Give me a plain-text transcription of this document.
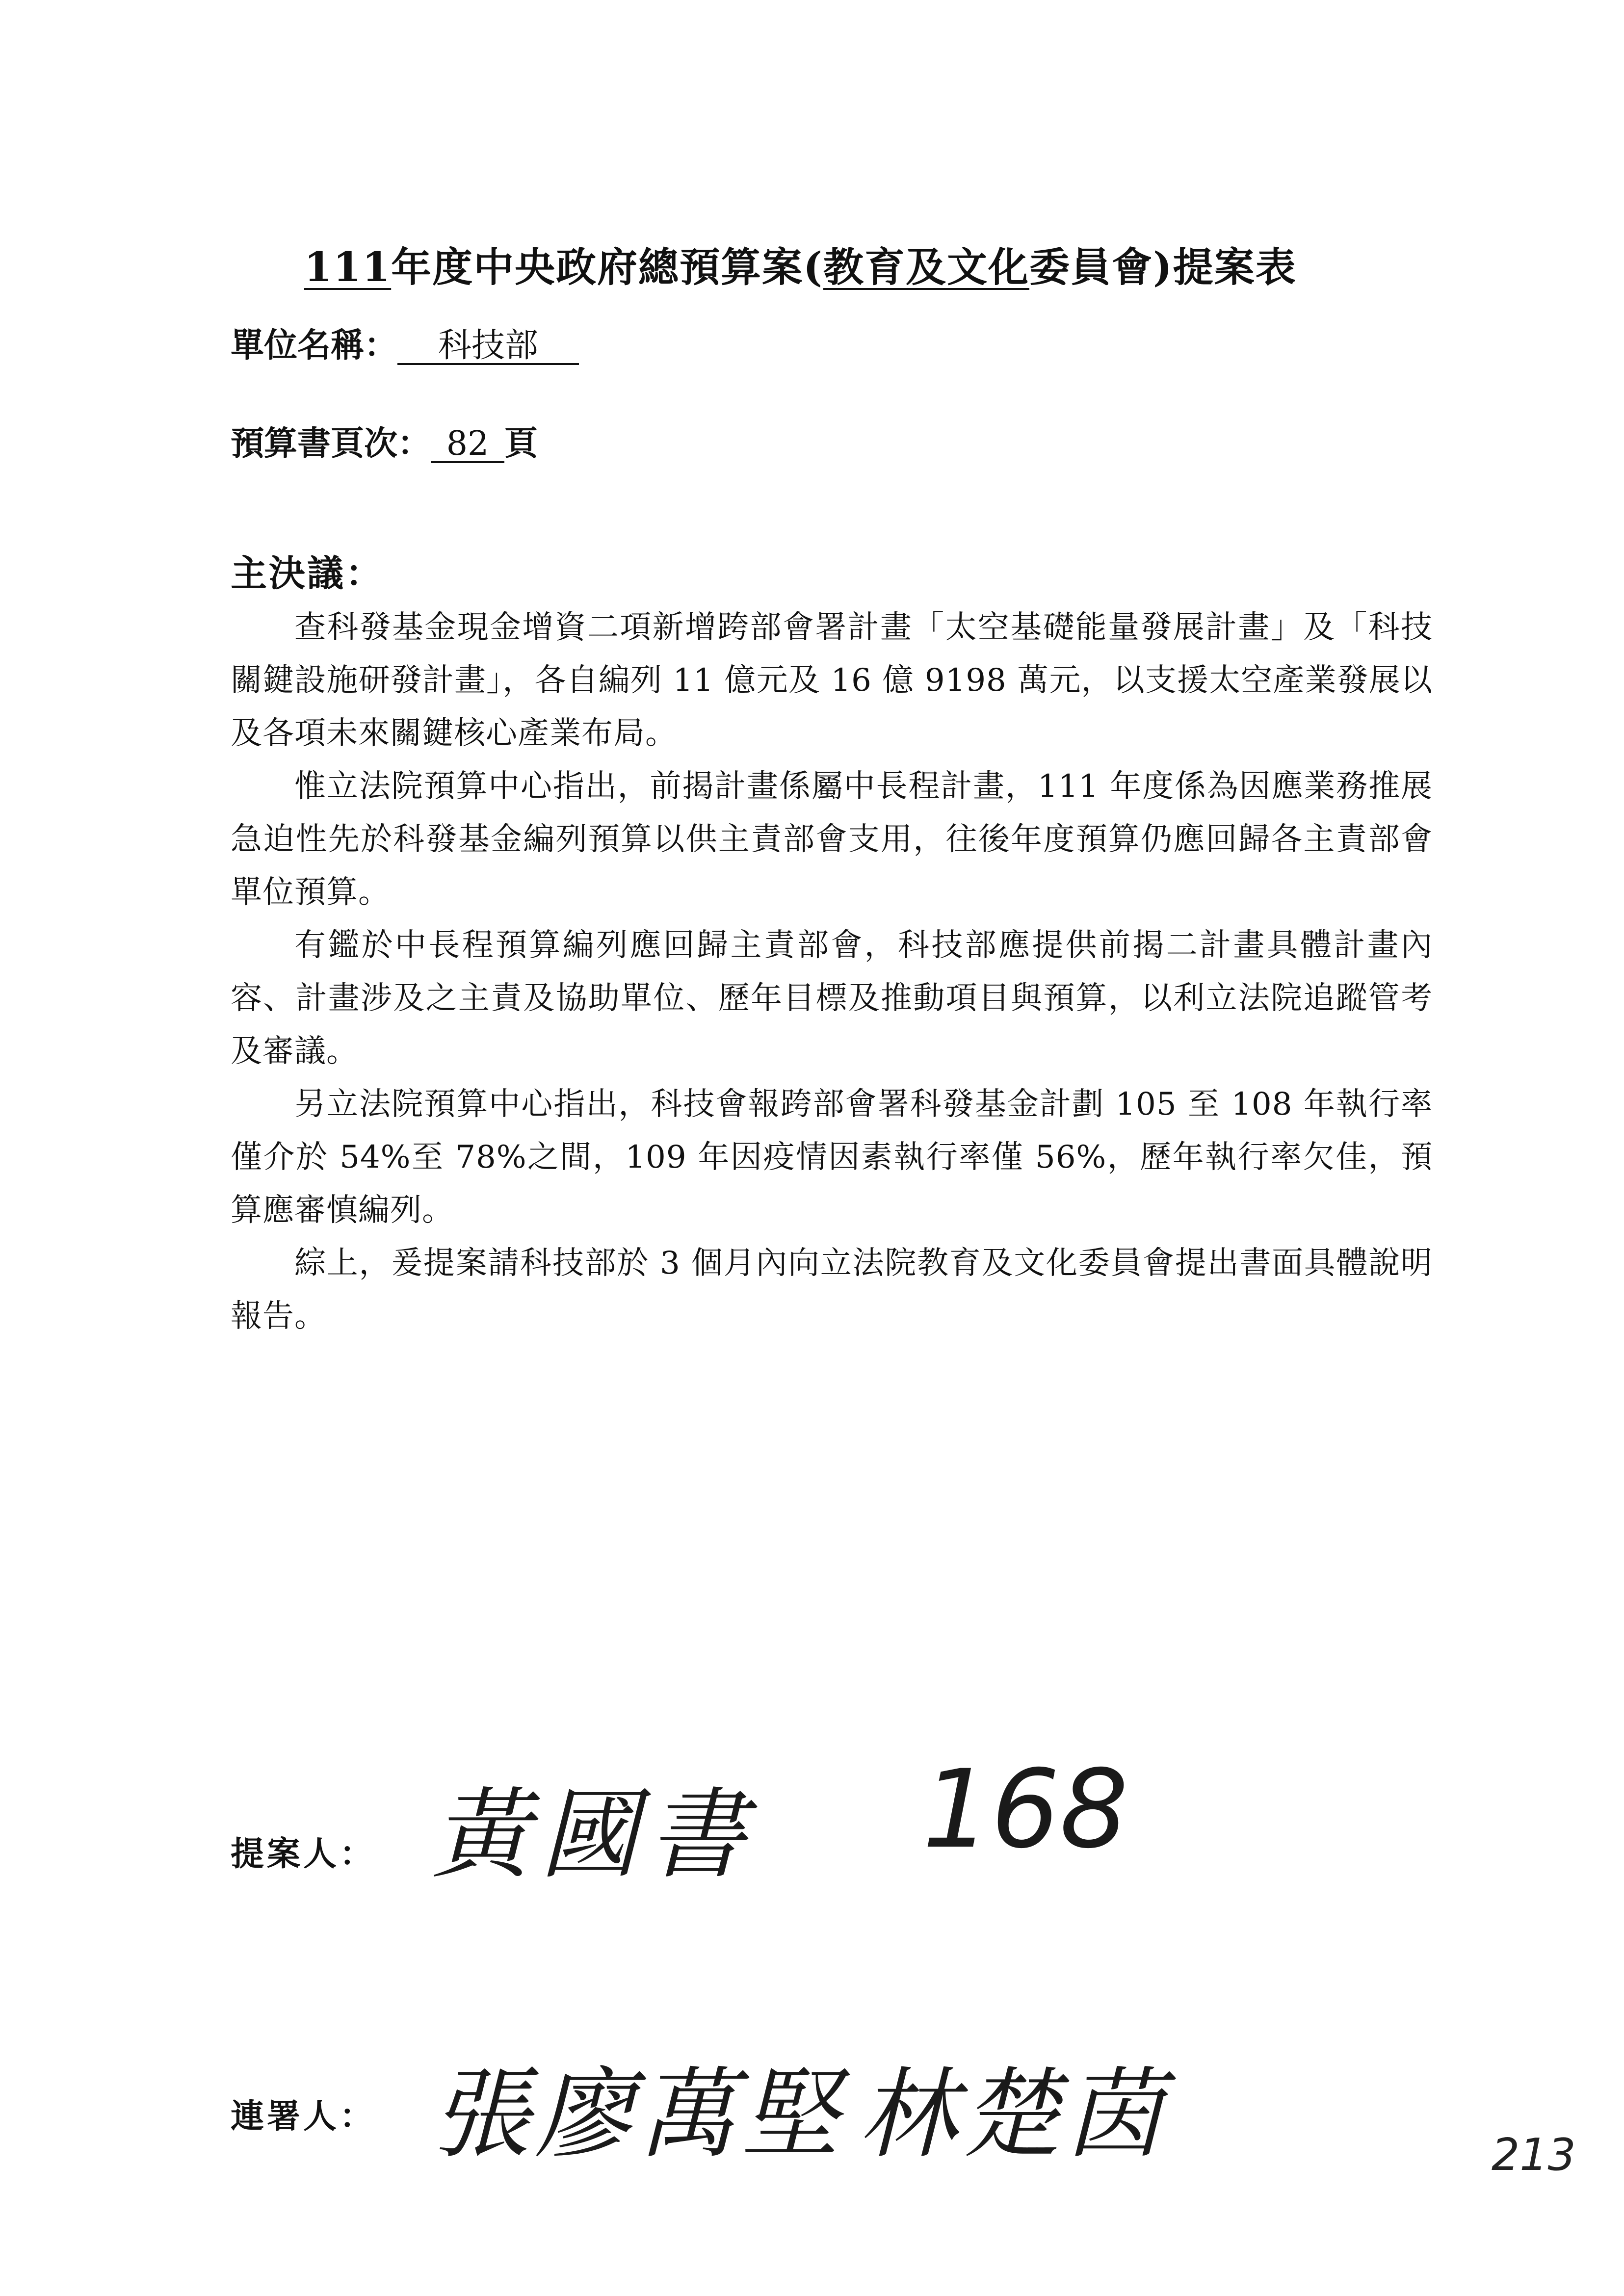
111年度中央政府總預算案(教育及文化委員會)提案表
單位名稱： 科技部
預算書頁次： 82 頁
主決議：

查科發基金現金增資二項新增跨部會署計畫「太空基礎能量發展計畫」及「科技關鍵設施研發計畫」，各自編列 11 億元及 16 億 9198 萬元，以支援太空產業發展以及各項未來關鍵核心產業布局。

惟立法院預算中心指出，前揭計畫係屬中長程計畫，111 年度係為因應業務推展急迫性先於科發基金編列預算以供主責部會支用，往後年度預算仍應回歸各主責部會單位預算。

有鑑於中長程預算編列應回歸主責部會，科技部應提供前揭二計畫具體計畫內容、計畫涉及之主責及協助單位、歷年目標及推動項目與預算，以利立法院追蹤管考及審議。

另立法院預算中心指出，科技會報跨部會署科發基金計劃 105 至 108 年執行率僅介於 54%至 78%之間，109 年因疫情因素執行率僅 56%，歷年執行率欠佳，預算應審慎編列。

綜上，爰提案請科技部於 3 個月內向立法院教育及文化委員會提出書面具體說明報告。

提案人： 黃國書 168
連署人： 張廖萬堅 林楚茵	213
